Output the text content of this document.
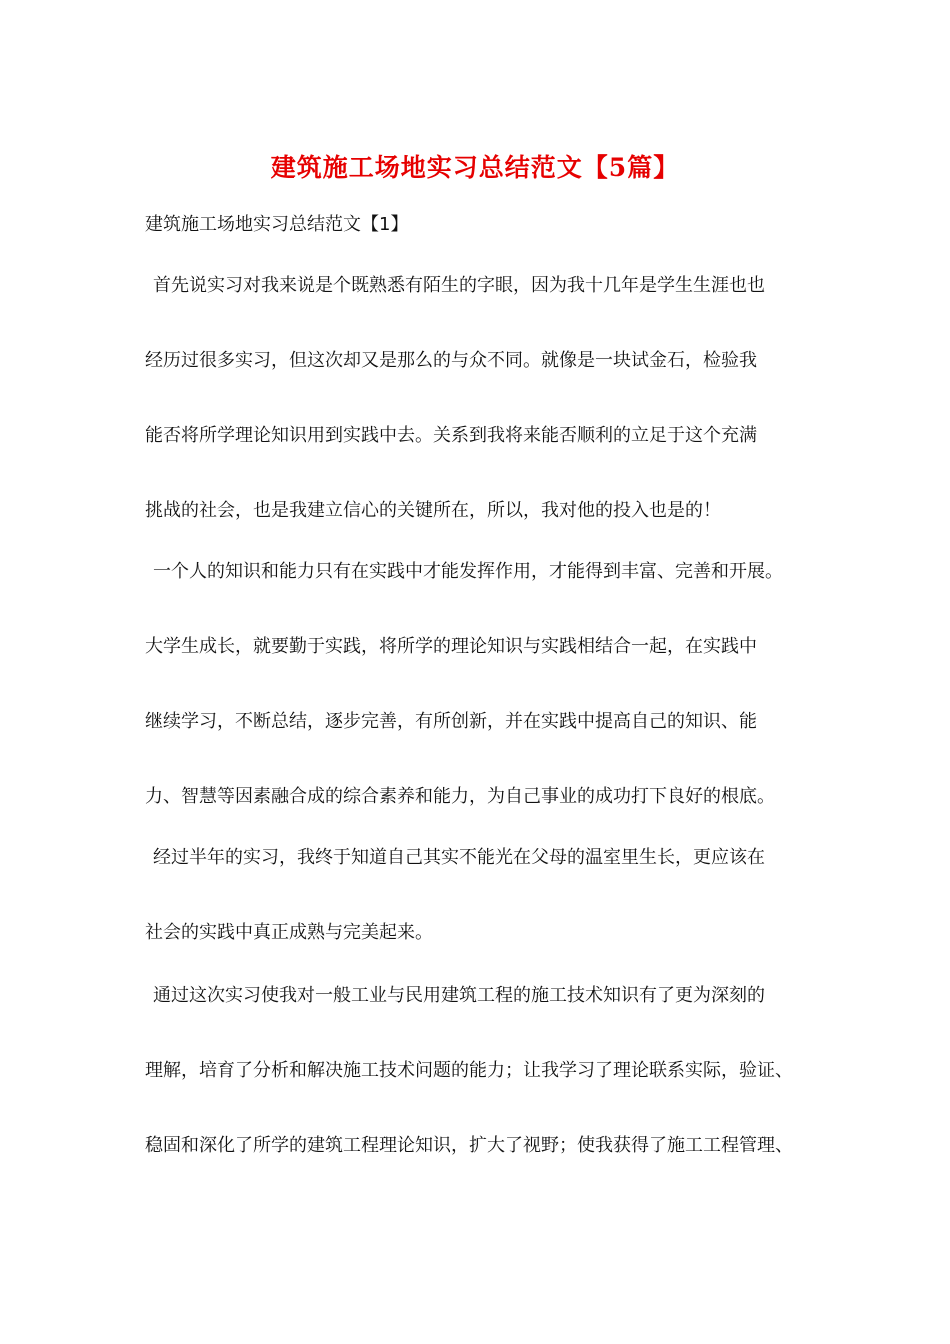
建筑施工场地实习总结范文【5篇】
建筑施工场地实习总结范文【1】
首先说实习对我来说是个既熟悉有陌生的字眼，因为我十几年是学生生涯也也
经历过很多实习，但这次却又是那么的与众不同。就像是一块试金石，检验我
能否将所学理论知识用到实践中去。关系到我将来能否顺利的立足于这个充满
挑战的社会，也是我建立信心的关键所在，所以，我对他的投入也是的！
一个人的知识和能力只有在实践中才能发挥作用，才能得到丰富、完善和开展。
大学生成长，就要勤于实践，将所学的理论知识与实践相结合一起，在实践中
继续学习，不断总结，逐步完善，有所创新，并在实践中提高自己的知识、能
力、智慧等因素融合成的综合素养和能力，为自己事业的成功打下良好的根底。
经过半年的实习，我终于知道自己其实不能光在父母的温室里生长，更应该在
社会的实践中真正成熟与完美起来。
通过这次实习使我对一般工业与民用建筑工程的施工技术知识有了更为深刻的
理解，培育了分析和解决施工技术问题的能力；让我学习了理论联系实际，验证、
稳固和深化了所学的建筑工程理论知识，扩大了视野；使我获得了施工工程管理、
